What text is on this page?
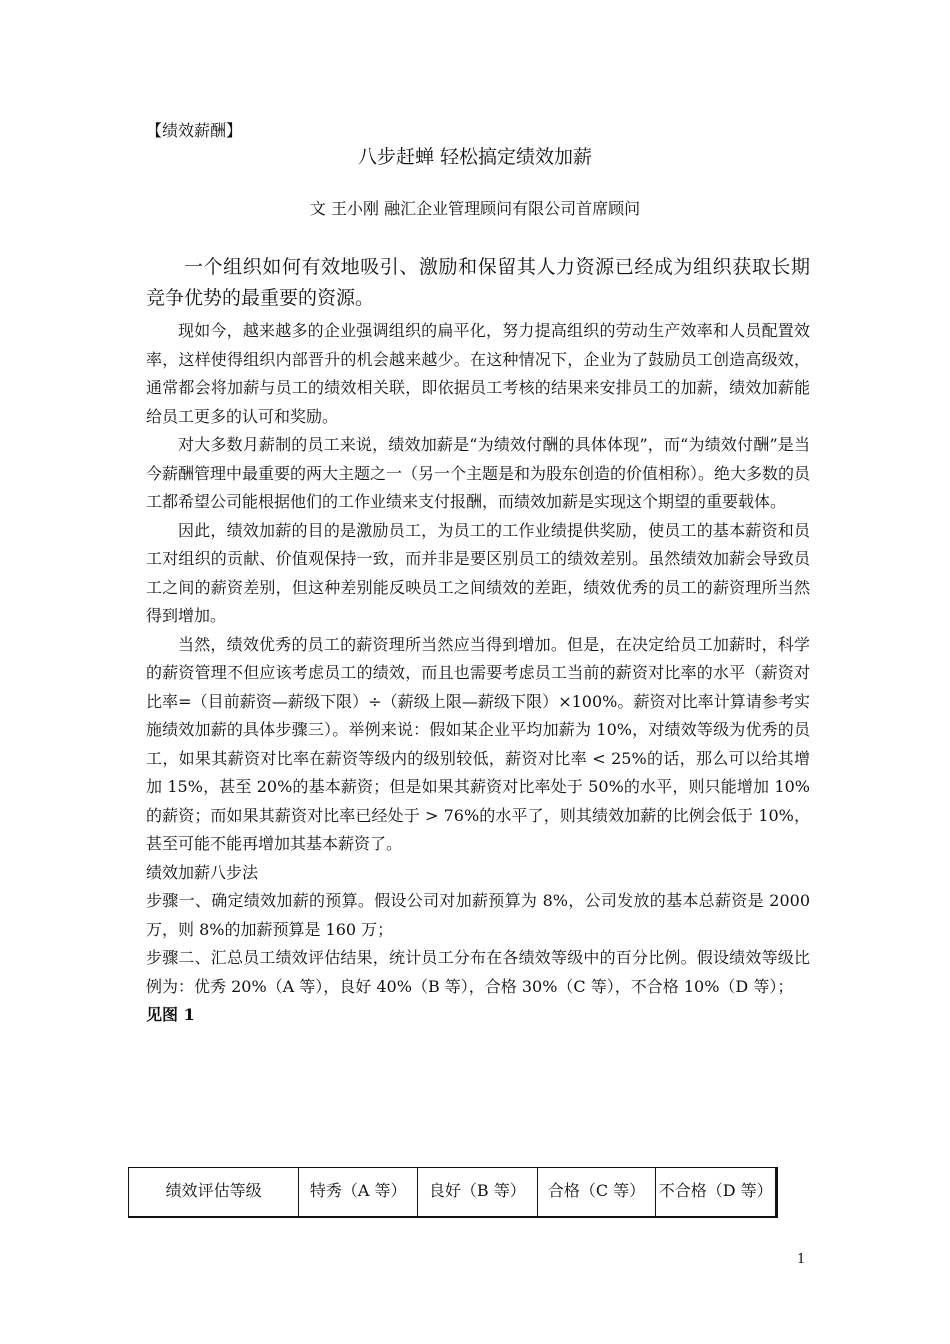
【绩效薪酬】
八步赶蝉 轻松搞定绩效加薪
文 王小刚 融汇企业管理顾问有限公司首席顾问
一个组织如何有效地吸引、激励和保留其人力资源已经成为组织获取长期竞争优势的最重要的资源。

现如今，越来越多的企业强调组织的扁平化，努力提高组织的劳动生产效率和人员配置效率，这样使得组织内部晋升的机会越来越少。在这种情况下，企业为了鼓励员工创造高级效，通常都会将加薪与员工的绩效相关联，即依据员工考核的结果来安排员工的加薪，绩效加薪能给员工更多的认可和奖励。

对大多数月薪制的员工来说，绩效加薪是“为绩效付酬的具体体现”，而“为绩效付酬”是当今薪酬管理中最重要的两大主题之一（另一个主题是和为股东创造的价值相称）。绝大多数的员工都希望公司能根据他们的工作业绩来支付报酬，而绩效加薪是实现这个期望的重要载体。

因此，绩效加薪的目的是激励员工，为员工的工作业绩提供奖励，使员工的基本薪资和员工对组织的贡献、价值观保持一致，而并非是要区别员工的绩效差别。虽然绩效加薪会导致员工之间的薪资差别，但这种差别能反映员工之间绩效的差距，绩效优秀的员工的薪资理所当然得到增加。

当然，绩效优秀的员工的薪资理所当然应当得到增加。但是，在决定给员工加薪时，科学的薪资管理不但应该考虑员工的绩效，而且也需要考虑员工当前的薪资对比率的水平（薪资对比率=（目前薪资—薪级下限）÷（薪级上限—薪级下限）×100%。薪资对比率计算请参考实施绩效加薪的具体步骤三）。举例来说：假如某企业平均加薪为 10%，对绩效等级为优秀的员工，如果其薪资对比率在薪资等级内的级别较低，薪资对比率 < 25%的话，那么可以给其增加 15%，甚至 20%的基本薪资；但是如果其薪资对比率处于 50%的水平，则只能增加 10%的薪资；而如果其薪资对比率已经处于 > 76%的水平了，则其绩效加薪的比例会低于 10%，甚至可能不能再增加其基本薪资了。

绩效加薪八步法

步骤一、确定绩效加薪的预算。假设公司对加薪预算为 8%，公司发放的基本总薪资是 2000 万，则 8%的加薪预算是 160 万；

步骤二、汇总员工绩效评估结果，统计员工分布在各绩效等级中的百分比例。假设绩效等级比例为：优秀 20%（A 等），良好 40%（B 等），合格 30%（C 等），不合格 10%（D 等）；

见图 1

绩效评估等级	特秀（A 等）	良好（B 等）	合格（C 等）	不合格（D 等）
1
